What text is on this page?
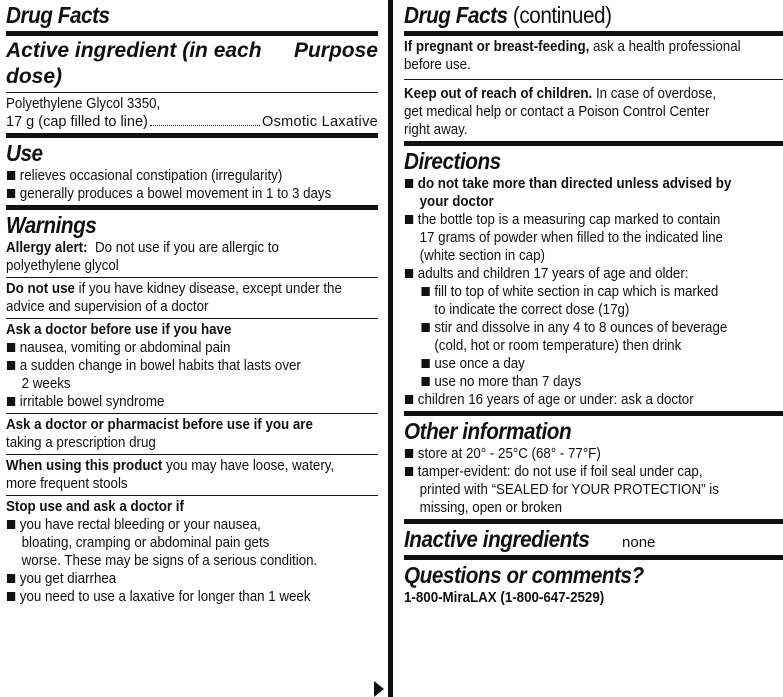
Drug Facts
Active ingredient (in each dose)
Purpose

Polyethylene Glycol 3350,

17 g (cap filled to line)	Osmotic Laxative
Use
relieves occasional constipation (irregularity)
generally produces a bowel movement in 1 to 3 days
Warnings

Allergy alert: Do not use if you are allergic to

polyethylene glycol

Do not use if you have kidney disease, except under the

advice and supervision of a doctor

Ask a doctor before use if you have

nausea, vomiting or abdominal pain
a sudden change in bowel habits that lasts over

2 weeks

irritable bowel syndrome

Ask a doctor or pharmacist before use if you are

taking a prescription drug

When using this product you may have loose, watery,

more frequent stools

Stop use and ask a doctor if

you have rectal bleeding or your nausea,

bloating, cramping or abdominal pain gets

worse. These may be signs of a serious condition.

you get diarrhea
you need to use a laxative for longer than 1 week
Drug Facts (continued)

If pregnant or breast-feeding, ask a health professional

before use.

Keep out of reach of children. In case of overdose,

get medical help or contact a Poison Control Center

right away.

Directions
do not take more than directed unless advised by

your doctor

the bottle top is a measuring cap marked to contain

17 grams of powder when filled to the indicated line

(white section in cap)

adults and children 17 years of age and older:
fill to top of white section in cap which is marked

to indicate the correct dose (17g)

stir and dissolve in any 4 to 8 ounces of beverage

(cold, hot or room temperature) then drink

use once a day
use no more than 7 days
children 16 years of age or under: ask a doctor
Other information
store at 20° - 25°C (68° - 77°F)
tamper-evident: do not use if foil seal under cap,

printed with “SEALED for YOUR PROTECTION” is

missing, open or broken

Inactive ingredients none
Questions or comments?

1-800-MiraLAX (1-800-647-2529)
